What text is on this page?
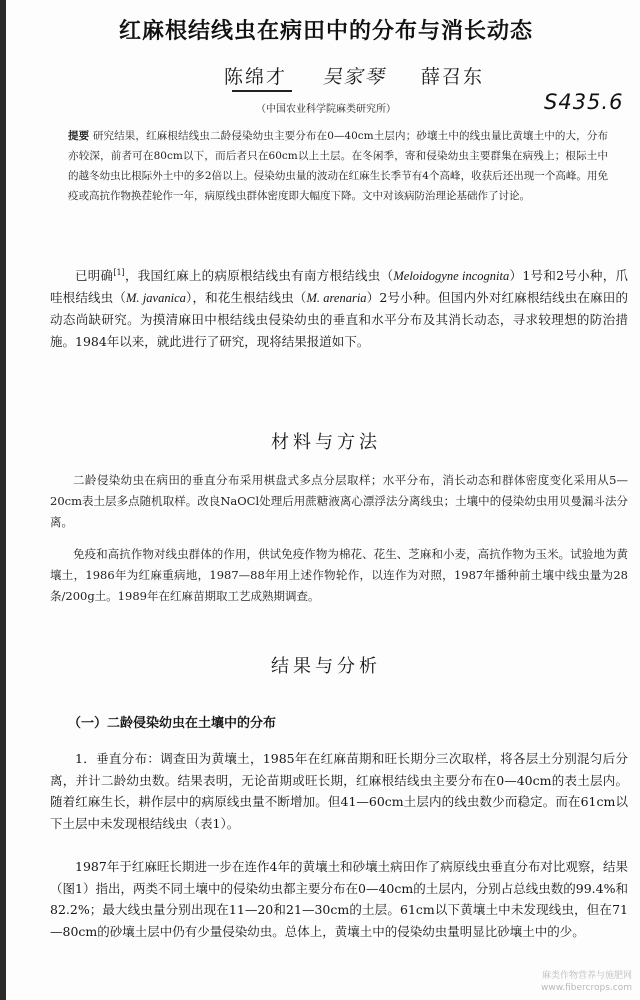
红麻根结线虫在病田中的分布与消长动态
陈绵才 吴家琴 薛召东
（中国农业科学院麻类研究所）	S435.6
提要 研究结果，红麻根结线虫二龄侵染幼虫主要分布在0—40cm土层内；砂壤土中的线虫量比黄壤土中的大，分布亦较深，前者可在80cm以下，而后者只在60cm以上土层。在冬闲季，寄和侵染幼虫主要群集在病残上；根际土中的越冬幼虫比根际外土中的多2倍以上。侵染幼虫量的波动在红麻生长季节有4个高峰，收获后还出现一个高峰。用免疫或高抗作物换茬轮作一年，病原线虫群体密度即大幅度下降。文中对该病防治理论基础作了讨论。
已明确[1]，我国红麻上的病原根结线虫有南方根结线虫（Meloidogyne incognita）1号和2号小种，爪哇根结线虫（M. javanica），和花生根结线虫（M. arenaria）2号小种。但国内外对红麻根结线虫在麻田的动态尚缺研究。为摸清麻田中根结线虫侵染幼虫的垂直和水平分布及其消长动态，寻求较理想的防治措施。1984年以来，就此进行了研究，现将结果报道如下。
材料与方法
二龄侵染幼虫在病田的垂直分布采用棋盘式多点分层取样；水平分布，消长动态和群体密度变化采用从5—20cm表土层多点随机取样。改良NaOCl处理后用蔗糖液离心漂浮法分离线虫；土壤中的侵染幼虫用贝曼漏斗法分离。
免疫和高抗作物对线虫群体的作用，供试免疫作物为棉花、花生、芝麻和小麦，高抗作物为玉米。试验地为黄壤土，1986年为红麻重病地，1987—88年用上述作物轮作，以连作为对照，1987年播种前土壤中线虫量为28条/200g土。1989年在红麻苗期取工艺成熟期调查。
结果与分析
（一）二龄侵染幼虫在土壤中的分布
1．垂直分布：调查田为黄壤土，1985年在红麻苗期和旺长期分三次取样，将各层土分别混匀后分离，并计二龄幼虫数。结果表明，无论苗期或旺长期，红麻根结线虫主要分布在0—40cm的表土层内。随着红麻生长，耕作层中的病原线虫量不断增加。但41—60cm土层内的线虫数少而稳定。而在61cm以下土层中未发现根结线虫（表1）。
1987年于红麻旺长期进一步在连作4年的黄壤土和砂壤土病田作了病原线虫垂直分布对比观察，结果（图1）指出，两类不同土壤中的侵染幼虫都主要分布在0—40cm的土层内，分别占总线虫数的99.4%和82.2%；最大线虫量分别出现在11—20和21—30cm的土层。61cm以下黄壤土中未发现线虫，但在71—80cm的砂壤土层中仍有少量侵染幼虫。总体上，黄壤土中的侵染幼虫量明显比砂壤土中的少。
麻类作物营养与施肥网
www.fibercrops.com
